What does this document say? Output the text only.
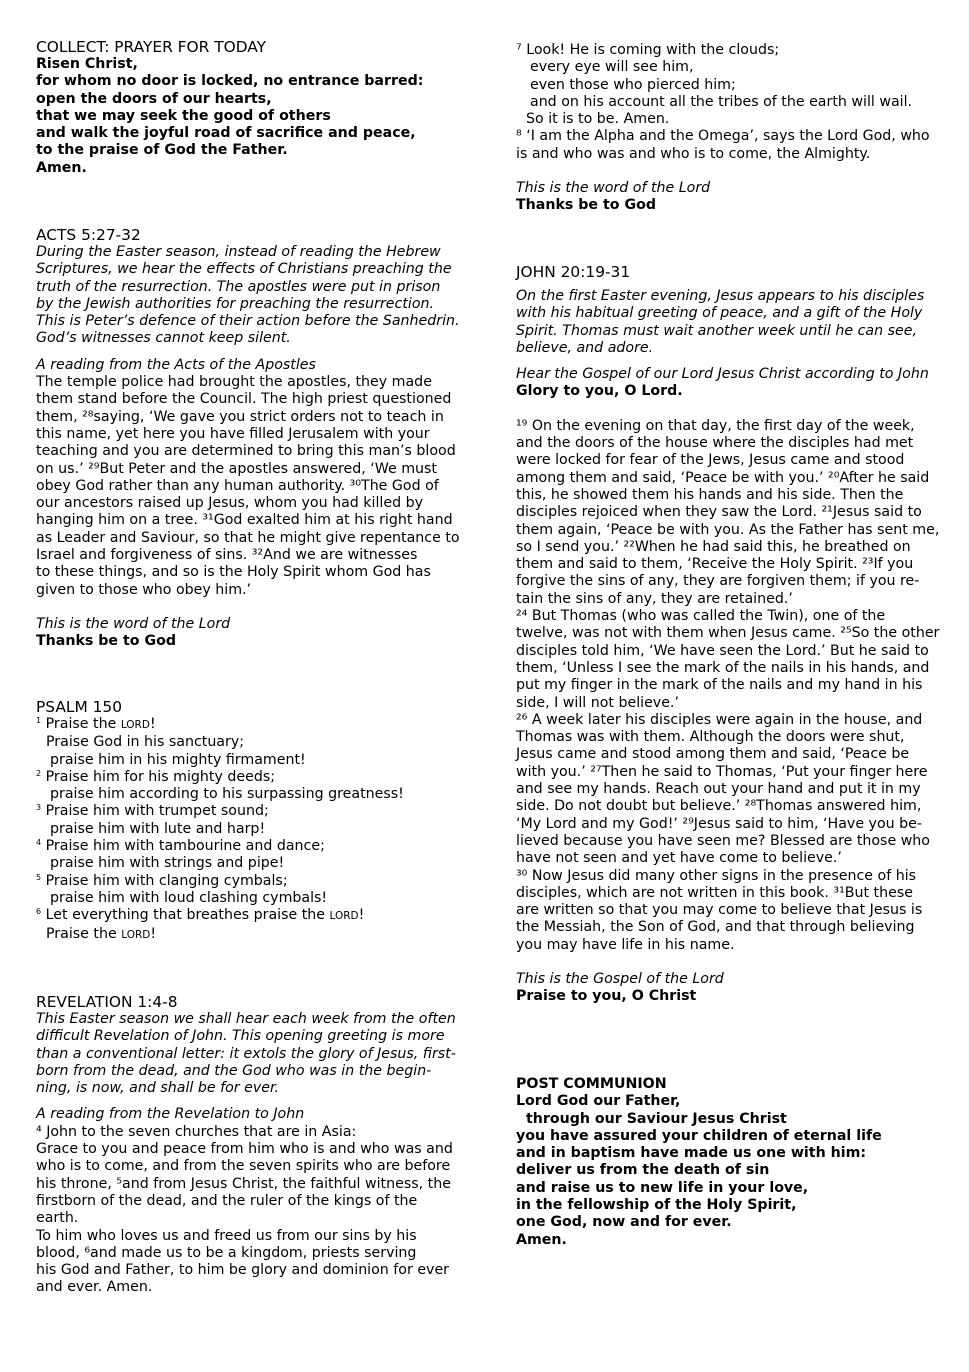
COLLECT: PRAYER FOR TODAY
Risen Christ,
for whom no door is locked, no entrance barred:
open the doors of our hearts,
that we may seek the good of others
and walk the joyful road of sacrifice and peace,
to the praise of God the Father.
Amen.
ACTS 5:27-32
During the Easter season, instead of reading the Hebrew
Scriptures, we hear the effects of Christians preaching the
truth of the resurrection. The apostles were put in prison
by the Jewish authorities for preaching the resurrection.
This is Peter’s defence of their action before the Sanhedrin.
God’s witnesses cannot keep silent.
A reading from the Acts of the Apostles
The temple police had brought the apostles, they made
them stand before the Council. The high priest questioned
them, ²⁸saying, ‘We gave you strict orders not to teach in
this name, yet here you have filled Jerusalem with your
teaching and you are determined to bring this man’s blood
on us.’ ²⁹But Peter and the apostles answered, ‘We must
obey God rather than any human authority. ³⁰The God of
our ancestors raised up Jesus, whom you had killed by
hanging him on a tree. ³¹God exalted him at his right hand
as Leader and Saviour, so that he might give repentance to
Israel and forgiveness of sins. ³²And we are witnesses
to these things, and so is the Holy Spirit whom God has
given to those who obey him.’
This is the word of the Lord
Thanks be to God
PSALM 150
$^1$ Praise the LORD!
Praise God in his sanctuary;
praise him in his mighty firmament!
$^2$ Praise him for his mighty deeds;
praise him according to his surpassing greatness!
$^3$ Praise him with trumpet sound;
praise him with lute and harp!
$^4$ Praise him with tambourine and dance;
praise him with strings and pipe!
$^5$ Praise him with clanging cymbals;
praise him with loud clashing cymbals!
$^6$ Let everything that breathes praise the LORD!
Praise the LORD!
REVELATION 1:4-8
This Easter season we shall hear each week from the often
difficult Revelation of John. This opening greeting is more
than a conventional letter: it extols the glory of Jesus, first-
born from the dead, and the God who was in the begin-
ning, is now, and shall be for ever.
A reading from the Revelation to John
⁴ John to the seven churches that are in Asia:
Grace to you and peace from him who is and who was and
who is to come, and from the seven spirits who are before
his throne, ⁵and from Jesus Christ, the faithful witness, the
firstborn of the dead, and the ruler of the kings of the
earth.
To him who loves us and freed us from our sins by his
blood, ⁶and made us to be a kingdom, priests serving
his God and Father, to him be glory and dominion for ever
and ever. Amen.
⁷ Look! He is coming with the clouds;
every eye will see him,
even those who pierced him;
and on his account all the tribes of the earth will wail.
So it is to be. Amen.
⁸ ‘I am the Alpha and the Omega’, says the Lord God, who
is and who was and who is to come, the Almighty.
This is the word of the Lord
Thanks be to God
JOHN 20:19-31
On the first Easter evening, Jesus appears to his disciples
with his habitual greeting of peace, and a gift of the Holy
Spirit. Thomas must wait another week until he can see,
believe, and adore.
Hear the Gospel of our Lord Jesus Christ according to John
Glory to you, O Lord.
¹⁹ On the evening on that day, the first day of the week,
and the doors of the house where the disciples had met
were locked for fear of the Jews, Jesus came and stood
among them and said, ‘Peace be with you.’ ²⁰After he said
this, he showed them his hands and his side. Then the
disciples rejoiced when they saw the Lord. ²¹Jesus said to
them again, ‘Peace be with you. As the Father has sent me,
so I send you.’ ²²When he had said this, he breathed on
them and said to them, ‘Receive the Holy Spirit. ²³If you
forgive the sins of any, they are forgiven them; if you re-
tain the sins of any, they are retained.’
²⁴ But Thomas (who was called the Twin), one of the
twelve, was not with them when Jesus came. ²⁵So the other
disciples told him, ‘We have seen the Lord.’ But he said to
them, ‘Unless I see the mark of the nails in his hands, and
put my finger in the mark of the nails and my hand in his
side, I will not believe.’
²⁶ A week later his disciples were again in the house, and
Thomas was with them. Although the doors were shut,
Jesus came and stood among them and said, ‘Peace be
with you.’ ²⁷Then he said to Thomas, ‘Put your finger here
and see my hands. Reach out your hand and put it in my
side. Do not doubt but believe.’ ²⁸Thomas answered him,
‘My Lord and my God!’ ²⁹Jesus said to him, ‘Have you be-
lieved because you have seen me? Blessed are those who
have not seen and yet have come to believe.’
³⁰ Now Jesus did many other signs in the presence of his
disciples, which are not written in this book. ³¹But these
are written so that you may come to believe that Jesus is
the Messiah, the Son of God, and that through believing
you may have life in his name.
This is the Gospel of the Lord
Praise to you, O Christ
POST COMMUNION
Lord God our Father,
through our Saviour Jesus Christ
you have assured your children of eternal life
and in baptism have made us one with him:
deliver us from the death of sin
and raise us to new life in your love,
in the fellowship of the Holy Spirit,
one God, now and for ever.
Amen.
